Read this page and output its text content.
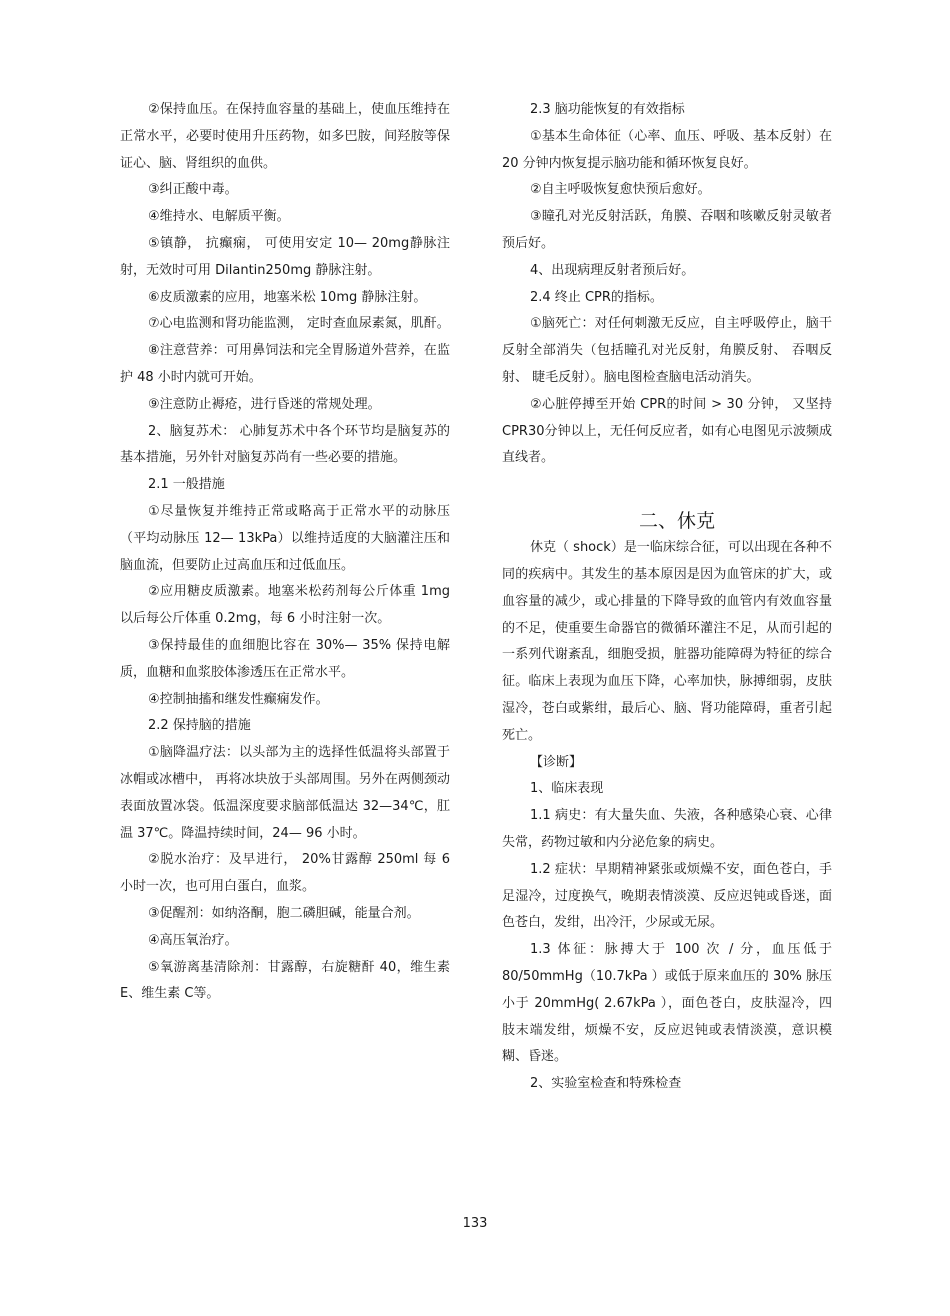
②保持血压。在保持血容量的基础上，使血压维持在正常水平，必要时使用升压药物，如多巴胺，间羟胺等保证心、脑、肾组织的血供。

③纠正酸中毒。

④维持水、电解质平衡。

⑤镇静， 抗癫痫， 可使用安定 10— 20mg静脉注射，无效时可用 Dilantin250mg 静脉注射。

⑥皮质激素的应用，地塞米松 10mg 静脉注射。

⑦心电监测和肾功能监测， 定时查血尿素氮，肌酐。

⑧注意营养：可用鼻饲法和完全胃肠道外营养，在监护 48 小时内就可开始。

⑨注意防止褥疮，进行昏迷的常规处理。

2、脑复苏术： 心肺复苏术中各个环节均是脑复苏的基本措施，另外针对脑复苏尚有一些必要的措施。

2.1 一般措施

①尽量恢复并维持正常或略高于正常水平的动脉压（平均动脉压 12— 13kPa）以维持适度的大脑灌注压和脑血流，但要防止过高血压和过低血压。

②应用糖皮质激素。地塞米松药剂每公斤体重 1mg 以后每公斤体重 0.2mg，每 6 小时注射一次。

③保持最佳的血细胞比容在 30%— 35% 保持电解质，血糖和血浆胶体渗透压在正常水平。

④控制抽搐和继发性癫痫发作。

2.2 保持脑的措施

①脑降温疗法：以头部为主的选择性低温将头部置于冰帽或冰槽中， 再将冰块放于头部周围。另外在两侧颈动表面放置冰袋。低温深度要求脑部低温达 32—34℃，肛温 37℃。降温持续时间，24— 96 小时。

②脱水治疗：及早进行， 20%甘露醇 250ml 每 6 小时一次，也可用白蛋白，血浆。

③促醒剂：如纳洛酮，胞二磷胆碱，能量合剂。

④高压氧治疗。

⑤氧游离基清除剂：甘露醇，右旋糖酐 40，维生素 E、维生素 C等。

2.3 脑功能恢复的有效指标

①基本生命体征（心率、血压、呼吸、基本反射）在 20 分钟内恢复提示脑功能和循环恢复良好。

②自主呼吸恢复愈快预后愈好。

③瞳孔对光反射活跃，角膜、吞咽和咳嗽反射灵敏者预后好。

4、出现病理反射者预后好。

2.4 终止 CPR的指标。

①脑死亡：对任何刺激无反应，自主呼吸停止，脑干反射全部消失（包括瞳孔对光反射，角膜反射、 吞咽反射、 睫毛反射）。脑电图检查脑电活动消失。

②心脏停搏至开始 CPR的时间 > 30 分钟， 又坚持 CPR30分钟以上，无任何反应者，如有心电图见示波频成直线者。

二、休克

休克（ shock）是一临床综合征，可以出现在各种不同的疾病中。其发生的基本原因是因为血管床的扩大，或血容量的减少，或心排量的下降导致的血管内有效血容量的不足，使重要生命器官的微循环灌注不足，从而引起的一系列代谢紊乱，细胞受损，脏器功能障碍为特征的综合征。临床上表现为血压下降，心率加快，脉搏细弱，皮肤湿冷，苍白或紫绀，最后心、脑、肾功能障碍，重者引起死亡。

【诊断】

1、临床表现

1.1 病史：有大量失血、失液，各种感染心衰、心律失常，药物过敏和内分泌危象的病史。

1.2 症状：早期精神紧张或烦燥不安，面色苍白，手足湿冷，过度换气，晚期表情淡漠、反应迟钝或昏迷，面色苍白，发绀，出冷汗，少尿或无尿。

1.3 体征：脉搏大于 100 次 / 分，血压低于 80/50mmHg（10.7kPa ）或低于原来血压的 30% 脉压小于 20mmHg( 2.67kPa ），面色苍白，皮肤湿冷，四肢末端发绀，烦燥不安，反应迟钝或表情淡漠，意识模糊、昏迷。

2、实验室检查和特殊检查

133
